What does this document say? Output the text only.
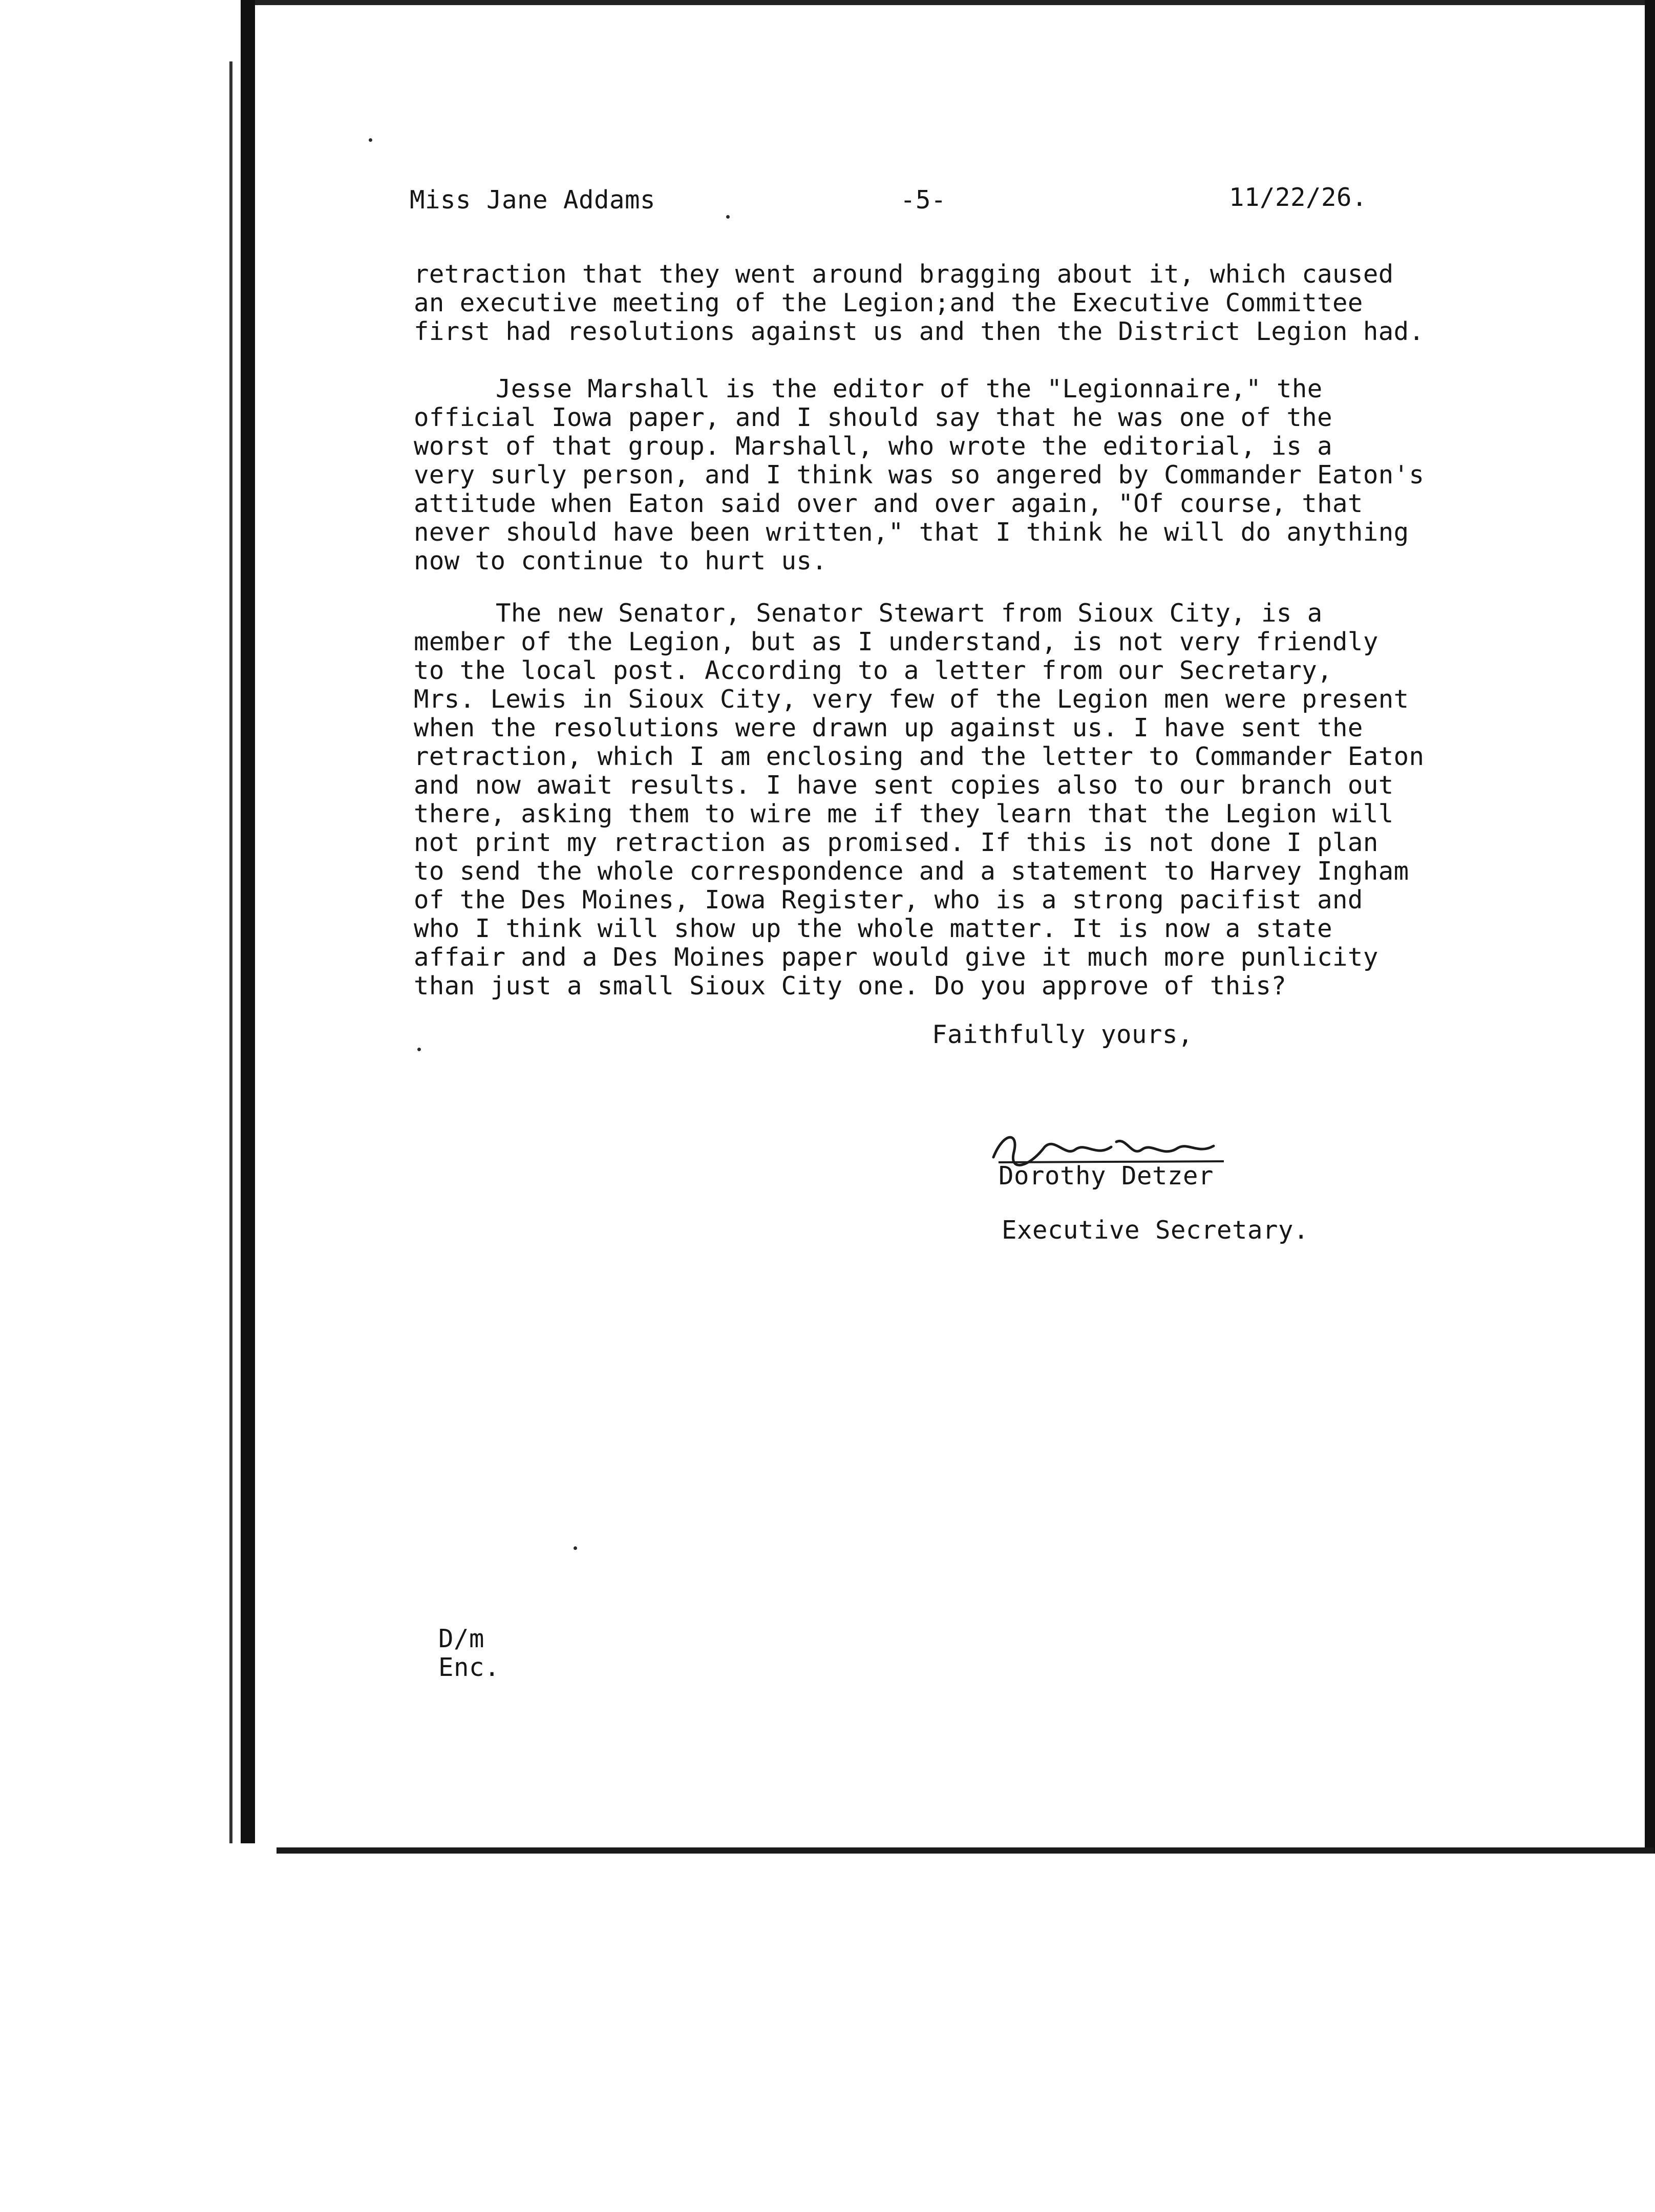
Miss Jane Addams	-5-	11/22/26.
retraction that they went around bragging about it, which caused
an executive meeting of the Legion;and the Executive Committee
first had resolutions against us and then the District Legion had.
Jesse Marshall is the editor of the "Legionnaire," the
official Iowa paper, and I should say that he was one of the
worst of that group. Marshall, who wrote the editorial, is a
very surly person, and I think was so angered by Commander Eaton's
attitude when Eaton said over and over again, "Of course, that
never should have been written," that I think he will do anything
now to continue to hurt us.
The new Senator, Senator Stewart from Sioux City, is a
member of the Legion, but as I understand, is not very friendly
to the local post. According to a letter from our Secretary,
Mrs. Lewis in Sioux City, very few of the Legion men were present
when the resolutions were drawn up against us. I have sent the
retraction, which I am enclosing and the letter to Commander Eaton
and now await results. I have sent copies also to our branch out
there, asking them to wire me if they learn that the Legion will
not print my retraction as promised. If this is not done I plan
to send the whole correspondence and a statement to Harvey Ingham
of the Des Moines, Iowa Register, who is a strong pacifist and
who I think will show up the whole matter. It is now a state
affair and a Des Moines paper would give it much more punlicity
than just a small Sioux City one. Do you approve of this?
Faithfully yours,
Dorothy Detzer
Executive Secretary.
D/m
Enc.
